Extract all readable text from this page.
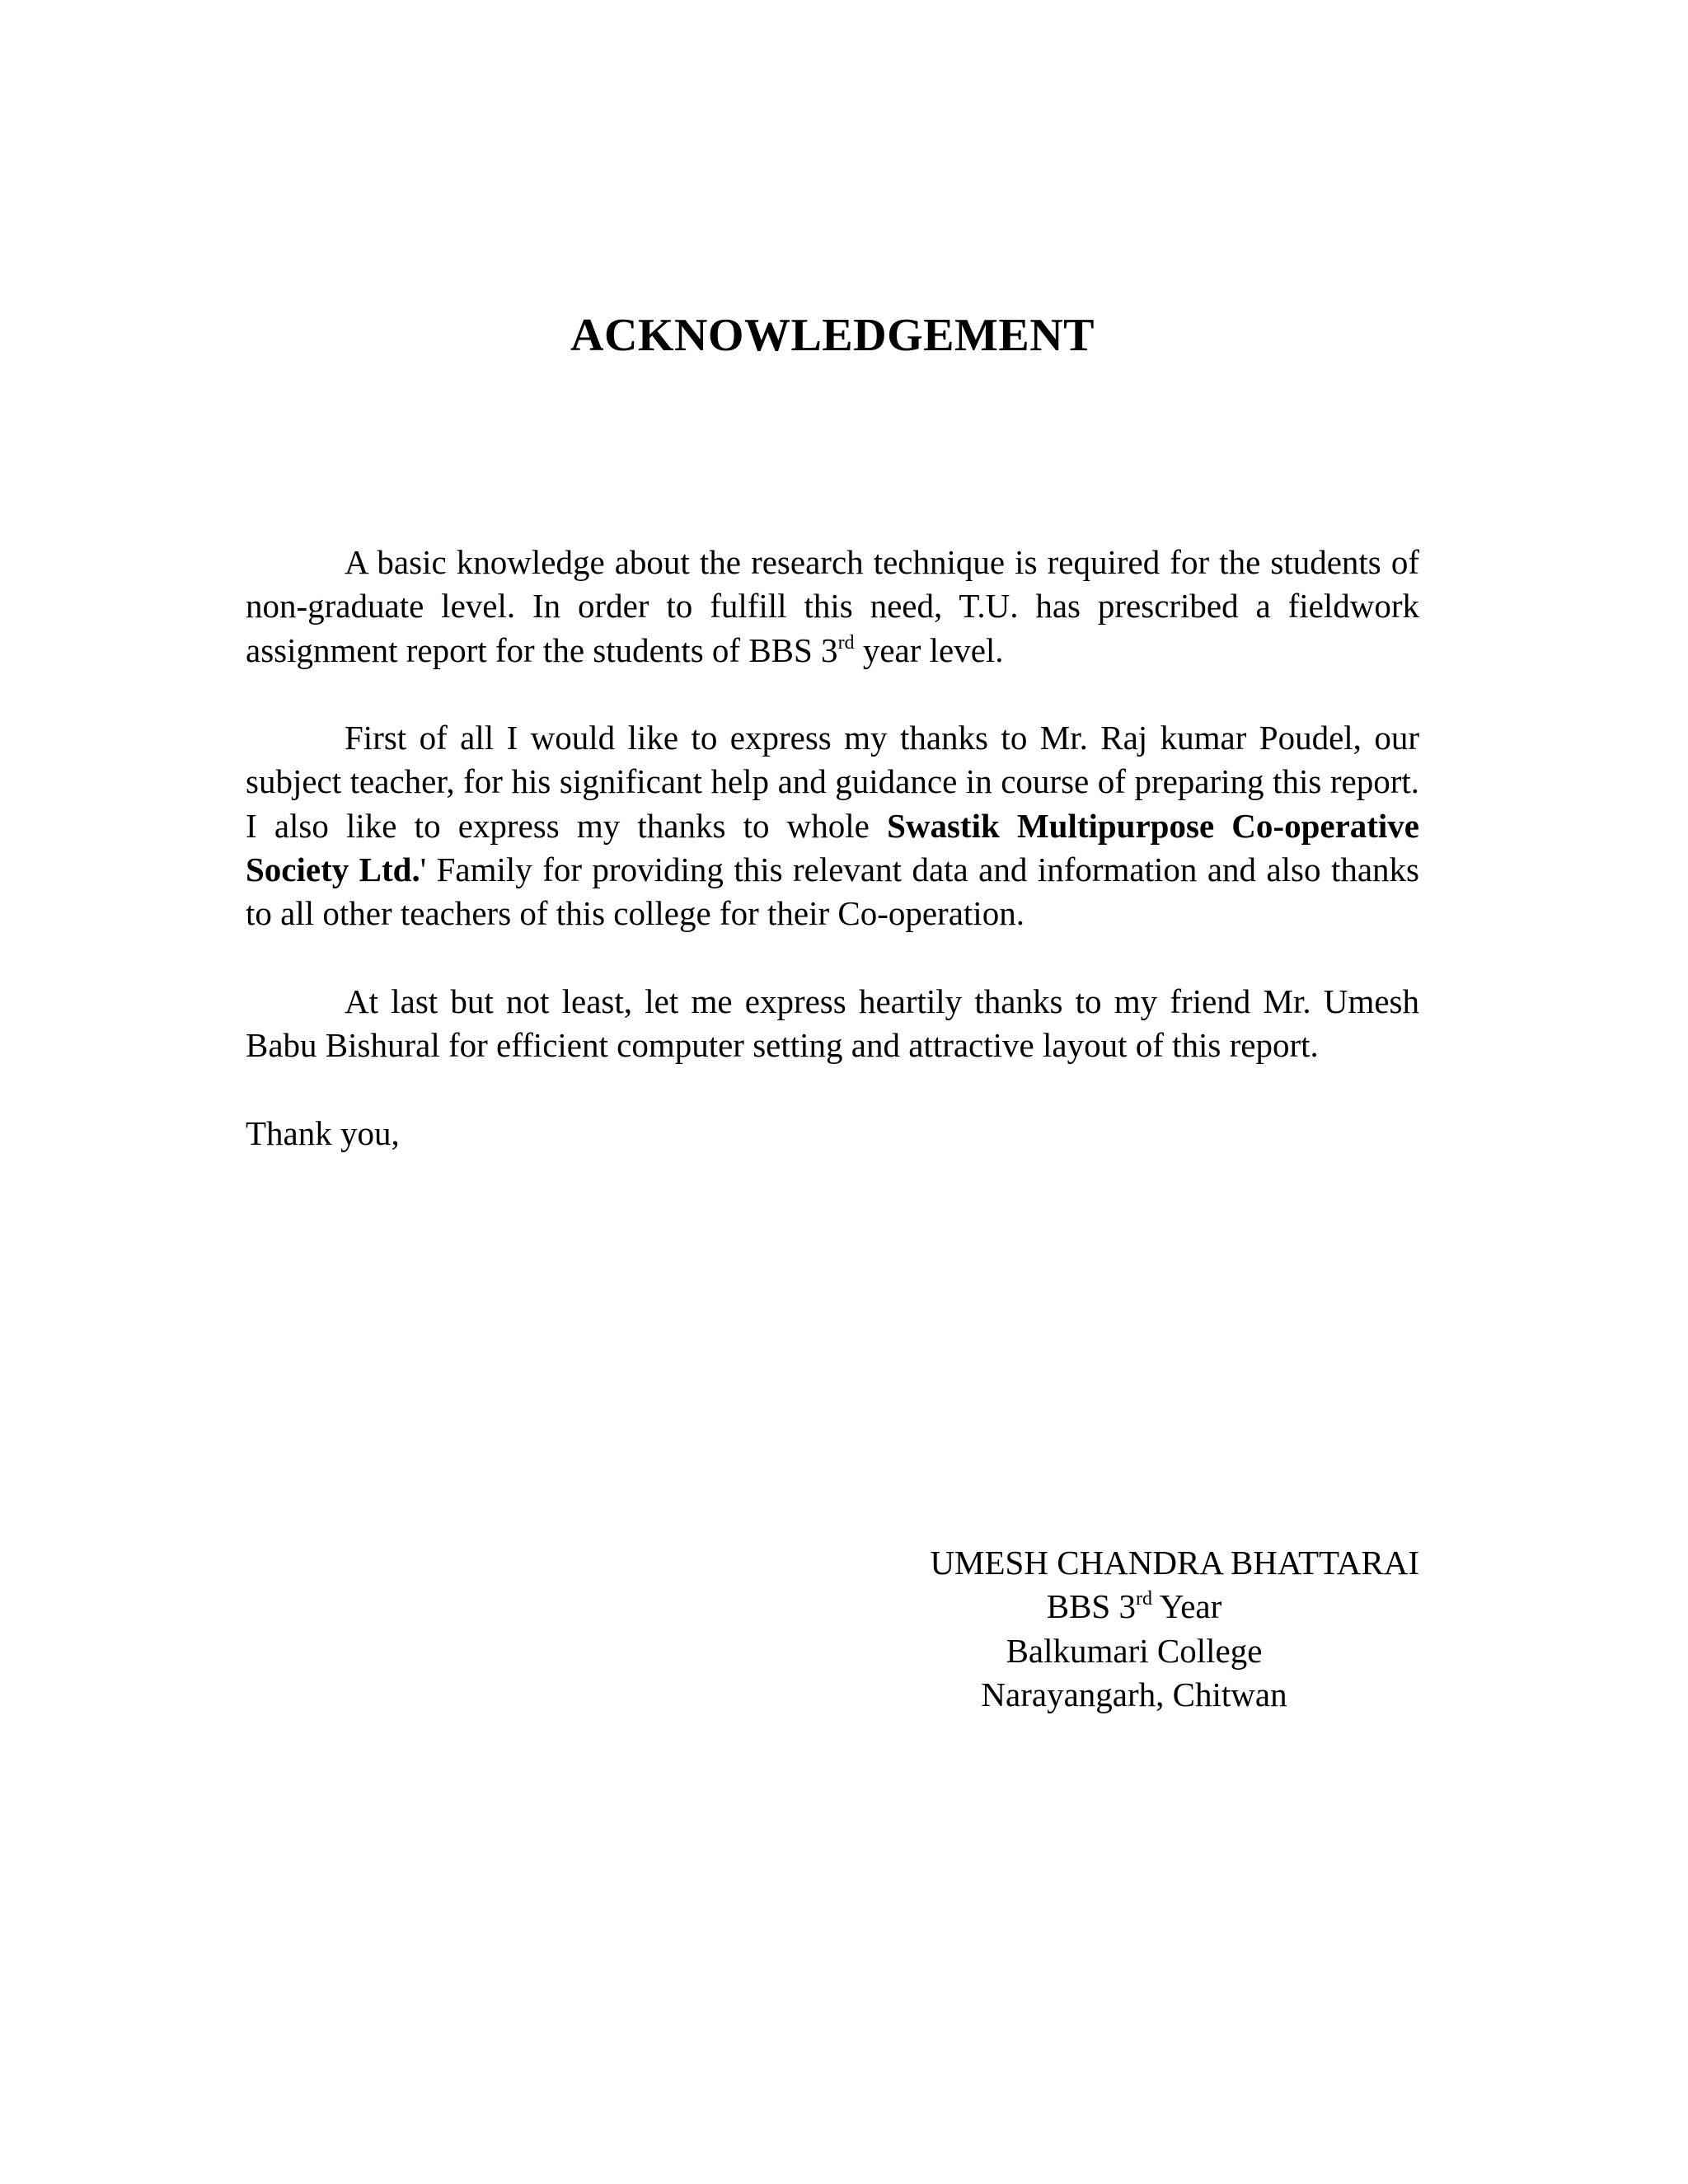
ACKNOWLEDGEMENT

A basic knowledge about the research technique is required for the students of non-graduate level. In order to fulfill this need, T.U. has prescribed a fieldwork assignment report for the students of BBS 3rd year level.

First of all I would like to express my thanks to Mr. Raj kumar Poudel, our subject teacher, for his significant help and guidance in course of preparing this report. I also like to express my thanks to whole Swastik Multipurpose Co-operative Society Ltd.' Family for providing this relevant data and information and also thanks to all other teachers of this college for their Co-operation.

At last but not least, let me express heartily thanks to my friend Mr. Umesh Babu Bishural for efficient computer setting and attractive layout of this report.

Thank you,

UMESH CHANDRA BHATTARAI
BBS 3rd Year
Balkumari College
Narayangarh, Chitwan
